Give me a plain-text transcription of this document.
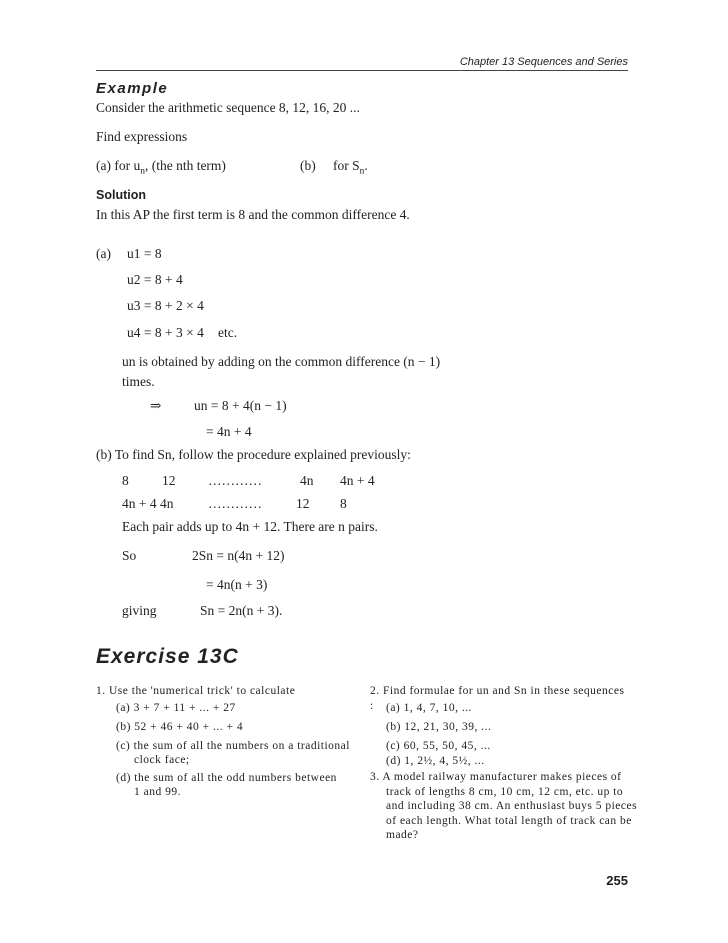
Chapter 13 Sequences and Series
Example
Consider the arithmetic sequence 8, 12, 16, 20 ...
Find expressions
(a) for $u_n$, (the nth term)	(b) for $S_n$.
Solution
In this AP the first term is 8 and the common difference 4.
(a) u1 = 8
u2 = 8 + 4
u3 = 8 + 2 × 4
u4 = 8 + 3 × 4 etc.
un is obtained by adding on the common difference (n − 1)
times.
⇒ un = 8 + 4(n − 1)
= 4n + 4
(b) To find Sn, follow the procedure explained previously:
8 12 …………	4n 4n + 4
4n + 4 4n	…………	12 8
Each pair adds up to 4n + 12. There are n pairs.
So	2Sn = n(4n + 12)
= 4n(n + 3)
giving	Sn = 2n(n + 3).
Exercise 13C
1. Use the 'numerical trick' to calculate
(a) 3 + 7 + 11 + ... + 27
(b) 52 + 46 + 40 + ... + 4
(c) the sum of all the numbers on a traditional
clock face;
(d) the sum of all the odd numbers between
1 and 99.
2. Find formulae for un and Sn in these sequences :	(a) 1, 4, 7, 10, ...
(b) 12, 21, 30, 39, ...
(c) 60, 55, 50, 45, ...
(d) 1, 2½, 4, 5½, ...
3. A model railway manufacturer makes pieces of track of lengths 8 cm, 10 cm, 12 cm, etc. up to and including 38 cm. An enthusiast buys 5 pieces of each length. What total length of track can be made?
255
